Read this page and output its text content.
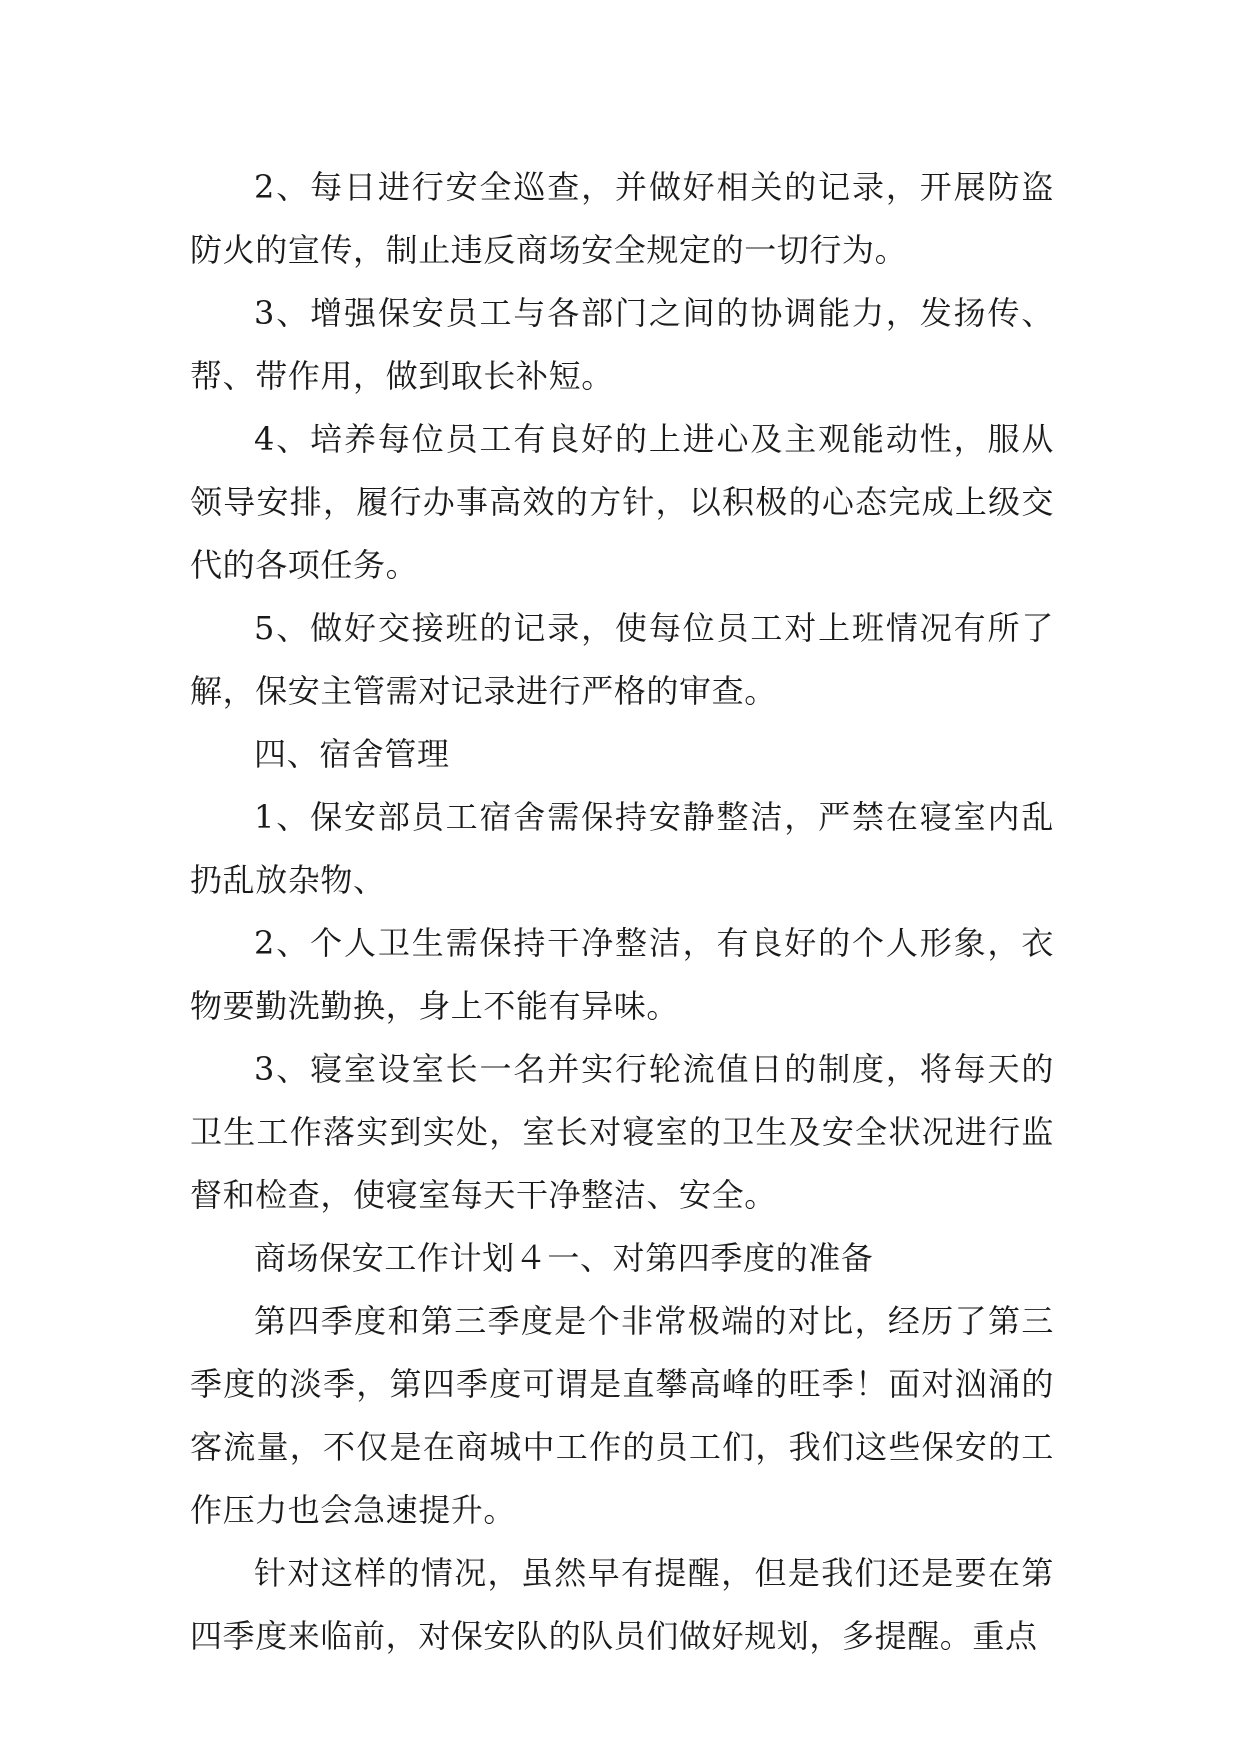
2、每日进行安全巡查，并做好相关的记录，开展防盗防火的宣传，制止违反商场安全规定的一切行为。

3、增强保安员工与各部门之间的协调能力，发扬传、帮、带作用，做到取长补短。

4、培养每位员工有良好的上进心及主观能动性，服从领导安排，履行办事高效的方针，以积极的心态完成上级交代的各项任务。

5、做好交接班的记录，使每位员工对上班情况有所了解，保安主管需对记录进行严格的审查。

四、宿舍管理

1、保安部员工宿舍需保持安静整洁，严禁在寝室内乱扔乱放杂物、

2、个人卫生需保持干净整洁，有良好的个人形象，衣物要勤洗勤换，身上不能有异味。

3、寝室设室长一名并实行轮流值日的制度，将每天的卫生工作落实到实处，室长对寝室的卫生及安全状况进行监督和检查，使寝室每天干净整洁、安全。

商场保安工作计划４一、对第四季度的准备

第四季度和第三季度是个非常极端的对比，经历了第三季度的淡季，第四季度可谓是直攀高峰的旺季！面对汹涌的客流量，不仅是在商城中工作的员工们，我们这些保安的工作压力也会急速提升。

针对这样的情况，虽然早有提醒，但是我们还是要在第四季度来临前，对保安队的队员们做好规划，多提醒。重点
